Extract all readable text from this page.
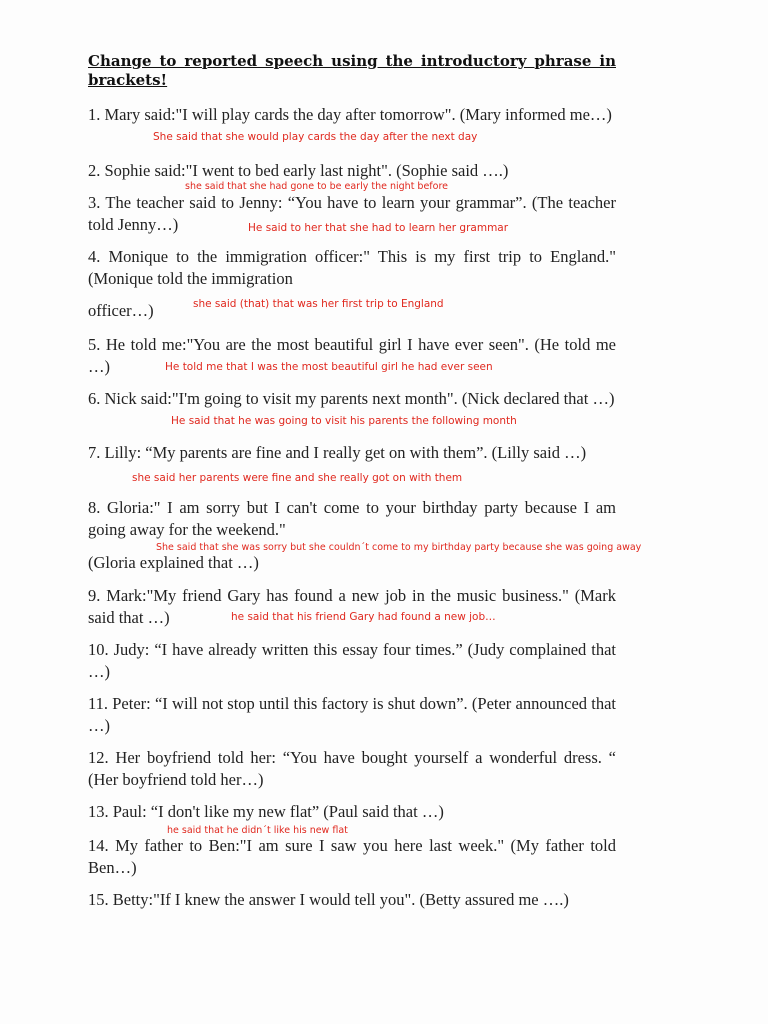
Change to reported speech using the introductory phrase in brackets!

1. Mary said:"I will play cards the day after tomorrow". (Mary informed me…)

She said that she would play cards the day after the next day

2. Sophie said:"I went to bed early last night". (Sophie said ….)

she said that she had gone to be early the night before

3. The teacher said to Jenny: “You have to learn your grammar”. (The teacher told Jenny…)	He said to her that she had to learn her grammar

4. Monique to the immigration officer:" This is my first trip to England." (Monique told the immigration

officer…)	she said (that) that was her first trip to England

5. He told me:"You are the most beautiful girl I have ever seen". (He told me …)	He told me that I was the most beautiful girl he had ever seen

6. Nick said:"I'm going to visit my parents next month". (Nick declared that …)

He said that he was going to visit his parents the following month

7. Lilly: “My parents are fine and I really get on with them”. (Lilly said …)

she said her parents were fine and she really got on with them

8. Gloria:" I am sorry but I can't come to your birthday party because I am going away for the weekend."

She said that she was sorry but she couldn´t come to my birthday party because she was going away

(Gloria explained that …)

9. Mark:"My friend Gary has found a new job in the music business." (Mark said that …)	he said that his friend Gary had found a new job…

10. Judy: “I have already written this essay four times.” (Judy complained that …)

11. Peter: “I will not stop until this factory is shut down”. (Peter announced that …)

12. Her boyfriend told her: “You have bought yourself a wonderful dress. “ (Her boyfriend told her…)

13. Paul: “I don't like my new flat” (Paul said that …)

he said that he didn´t like his new flat

14. My father to Ben:"I am sure I saw you here last week." (My father told Ben…)

15. Betty:"If I knew the answer I would tell you". (Betty assured me ….)
